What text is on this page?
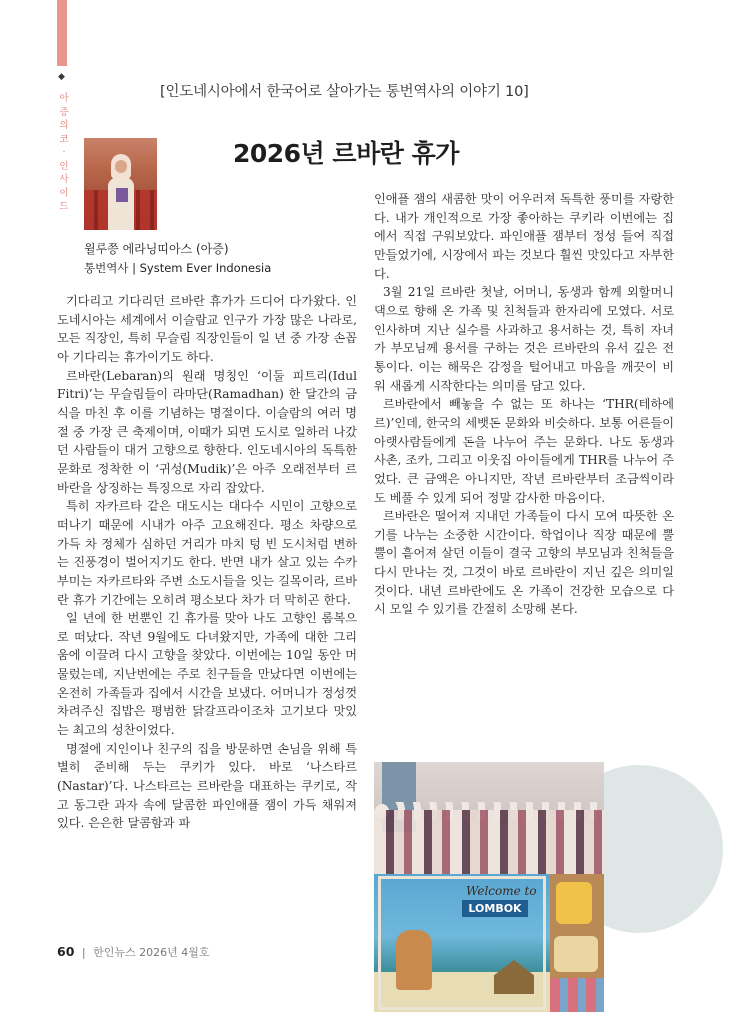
◆
아
증
의
코
·
인
사
이
드
[인도네시아에서 한국어로 살아가는 통번역사의 이야기 10]
2026년 르바란 휴가
윌루쯩 에라닝띠아스 (아증)
통번역사 | System Ever Indonesia

기다리고 기다리던 르바란 휴가가 드디어 다가왔다. 인도네시아는 세계에서 이슬람교 인구가 가장 많은 나라로, 모든 직장인, 특히 무슬림 직장인들이 일 년 중 가장 손꼽아 기다리는 휴가이기도 하다.

르바란(Lebaran)의 원래 명칭인 ‘이둘 피트리(Idul Fitri)’는 무슬림들이 라마단(Ramadhan) 한 달간의 금식을 마친 후 이를 기념하는 명절이다. 이슬람의 여러 명절 중 가장 큰 축제이며, 이때가 되면 도시로 일하러 나갔던 사람들이 대거 고향으로 향한다. 인도네시아의 독특한 문화로 정착한 이 ‘귀성(Mudik)’은 아주 오래전부터 르바란을 상징하는 특징으로 자리 잡았다.

특히 자카르타 같은 대도시는 대다수 시민이 고향으로 떠나기 때문에 시내가 아주 고요해진다. 평소 차량으로 가득 차 정체가 심하던 거리가 마치 텅 빈 도시처럼 변하는 진풍경이 벌어지기도 한다. 반면 내가 살고 있는 수카부미는 자카르타와 주변 소도시들을 잇는 길목이라, 르바란 휴가 기간에는 오히려 평소보다 차가 더 막히곤 한다.

일 년에 한 번뿐인 긴 휴가를 맞아 나도 고향인 롬복으로 떠났다. 작년 9월에도 다녀왔지만, 가족에 대한 그리움에 이끌려 다시 고향을 찾았다. 이번에는 10일 동안 머물렀는데, 지난번에는 주로 친구들을 만났다면 이번에는 온전히 가족들과 집에서 시간을 보냈다. 어머니가 정성껏 차려주신 집밥은 평범한 닭갈프라이조차 고기보다 맛있는 최고의 성찬이었다.

명절에 지인이나 친구의 집을 방문하면 손님을 위해 특별히 준비해 두는 쿠키가 있다. 바로 ‘나스타르(Nastar)’다. 나스타르는 르바란을 대표하는 쿠키로, 작고 동그란 과자 속에 달콤한 파인애플 잼이 가득 채워져 있다. 은은한 달콤함과 파

인애플 잼의 새콤한 맛이 어우러져 독특한 풍미를 자랑한다. 내가 개인적으로 가장 좋아하는 쿠키라 이번에는 집에서 직접 구워보았다. 파인애플 잼부터 정성 들여 직접 만들었기에, 시장에서 파는 것보다 훨씬 맛있다고 자부한다.

3월 21일 르바란 첫날, 어머니, 동생과 함께 외할머니 댁으로 향해 온 가족 및 친척들과 한자리에 모였다. 서로 인사하며 지난 실수를 사과하고 용서하는 것, 특히 자녀가 부모님께 용서를 구하는 것은 르바란의 유서 깊은 전통이다. 이는 해묵은 감정을 털어내고 마음을 깨끗이 비워 새롭게 시작한다는 의미를 담고 있다.

르바란에서 빼놓을 수 없는 또 하나는 ‘THR(테하에르)’인데, 한국의 세뱃돈 문화와 비슷하다. 보통 어른들이 아랫사람들에게 돈을 나누어 주는 문화다. 나도 동생과 사촌, 조카, 그리고 이웃집 아이들에게 THR를 나누어 주었다. 큰 금액은 아니지만, 작년 르바란부터 조금씩이라도 베풀 수 있게 되어 정말 감사한 마음이다.

르바란은 떨어져 지내던 가족들이 다시 모여 따뜻한 온기를 나누는 소중한 시간이다. 학업이나 직장 때문에 뿔뿔이 흩어져 살던 이들이 결국 고향의 부모님과 친척들을 다시 만나는 것, 그것이 바로 르바란이 지닌 깊은 의미일 것이다. 내년 르바란에도 온 가족이 건강한 모습으로 다시 모일 수 있기를 간절히 소망해 본다.

Welcome to
LOMBOK
60 | 한인뉴스 2026년 4월호
